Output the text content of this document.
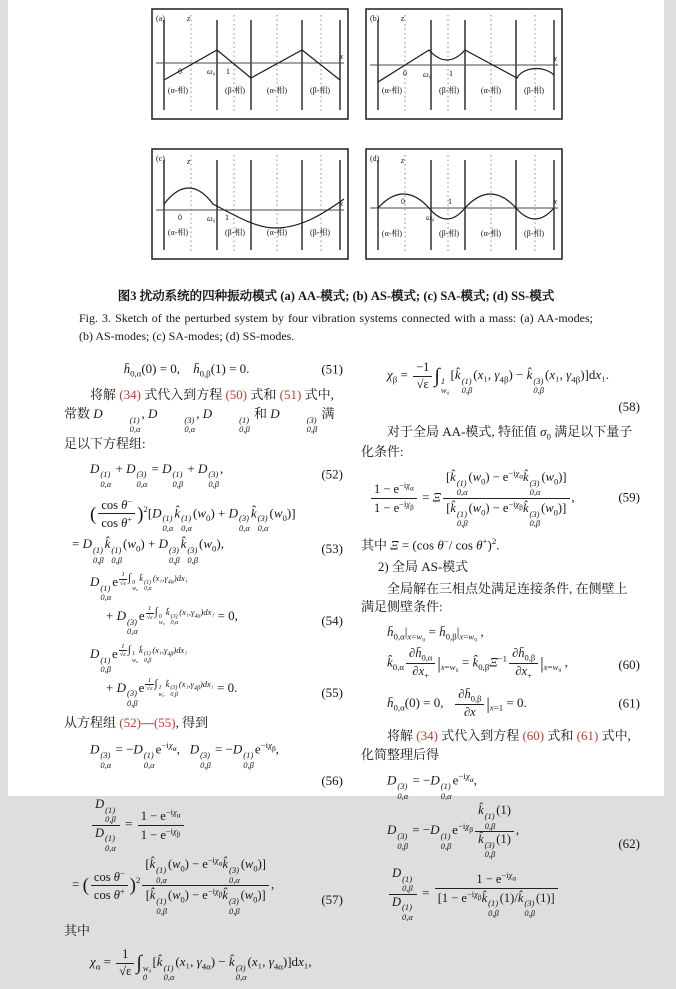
(a)	z
x
0	ω₀ 1
(α-相)	(β-相)	(α-相)	(β-相)
(b)	z
x
0 ω₀ 1
(α-相)	(β-相)	(α-相)	(β-相)
(c)	z
x
0	ω₀ 1
(α-相)	(β-相)	(α-相)	(β-相)
(d)	z
x
0
ω₀
1
(α-相)	(β-相)	(α-相)	(β-相)
图3 扰动系统的四种振动模式 (a) AA-模式; (b) AS-模式; (c) SA-模式; (d) SS-模式
Fig. 3. Sketch of the perturbed system by four vibration systems connected with a mass: (a) AA-modes; (b) AS-modes; (c) SA-modes; (d) SS-modes.
$h̄_{0,\alpha}(0) = 0$,    $h̄_{0,\beta}(1) = 0$.	(51)
将解 (34) 式代入到方程 (50) 式和 (51) 式中, 常数 D	(1)
0,α
, D	(3)
0,α
, D	(1)
0,β
和 D	(3)
0,β
满足以下方程组:
D (1)
0,α
+ D (3)
0,α
= D (1)
0,β
+ D (3)
0,β
,	(52)
( $\frac{\cos \theta^-}{\cos \theta^+} )^2[D$ (1)
0,α
k̂ (1)
0,α
$(w_0) + D$ (3)
0,α
k̂ (3)
0,α
$(w_0)$]
= D (1)
0,β
k̂ (1)
0,β
$(w_0) + D$ (3)
0,β
k̂ (3)
0,β
$(w_0)$,	(53)
D (1)
0,α
e $^{\frac{1}{√\varepsilon} \int 0 w_0 k̂ (1) 0,\alpha (x_1,\gamma_{4\alpha})dx_1}$
+ D (3)
0,α
e $^{\frac{1}{√\varepsilon} \int 0 w_0 k̂ (3) 0,\alpha (x_1,\gamma_{4\alpha})dx_1}$ = 0,	(54)
D (1)
0,β
e $^{\frac{1}{√\varepsilon} \int 1 w_0 k̂ (1) 0,\beta (x_1,\gamma_{4\beta})dx_1}$
+ D (3)
0,β
e $^{\frac{1}{√\varepsilon} \int 1 w_0 k̂ (3) 0,\beta (x_1,\gamma_{4\beta})dx_1}$ = 0.	(55)
从方程组 (52)—(55), 得到
D (3)
0,α
= −D (1)
0,α
$e^{-i\chi_\alpha}$,   D (3)
0,β
= −D (1)
0,β
$e^{-i\chi_\beta}$,
(56)
D (1)
0,β
D (1)
0,α =
$1 - e^{-i\chi_\alpha}$
$1 - e^{-i\chi_\beta}$
= ( $\frac{\cos \theta^-}{\cos \theta^+} )^2$
[k̂ (1)
0,α
$(w_0)$ − $e^{-i\chi_\alpha}k̂$ (3)
0,α
$(w_0)$]
[k̂ (1)
0,β
$(w_0)$ − $e^{-i\chi_\beta}k̂$ (3)
0,β
$(w_0)$]
,
(57)
其中
$\chi_\alpha = \frac{1}{√\varepsilon}$ ∫ w₀
0
[k̂ (1)
0,α
(x₁, $\gamma_{4\alpha}$) − k̂ (3)
0,α
(x₁, $\gamma_{4\alpha})]dx_1$,
$\chi_\beta = \frac{-1}{√\varepsilon}$ ∫ 1
w₀
[k̂ (1)
0,β
(x₁, $\gamma_{4\beta}$) − k̂ (3)
0,β
(x₁, $\gamma_{4\beta})]dx_1$.
(58)
对于全局 AA-模式, 特征值 $\sigma_0$ 满足以下量子化条件:
$1 - e^{-i\chi_\alpha}$
$1 - e^{-i\chi_\beta}$
= Ξ
[k̂ (1)
0,α
$(w_0)$ − $e^{-i\chi_\alpha}k̂$ (3)
0,α
$(w_0)$]
[k̂ (1)
0,β
$(w_0)$ − $e^{-i\chi_\beta}k̂$ (3)
0,β
$(w_0)$]
,	(59)
其中 Ξ = (cos θ−/ cos θ+)$^2$.
2) 全局 AS-模式
全局解在三相点处满足连接条件, 在侧壁上满足侧壁条件:
$h̄_{0,\alpha}|_{x=w_0}$ = $h̄_{0,\beta}|_{x=w_0}$ ,
$k̂_{0,\alpha} \frac{\partial h̄_{0,\alpha}}{\partial x_+} |_{x=w_0}$ = $k̂_{0,\beta}\Xi^{-1} \frac{\partial h̄_{0,\beta}}{\partial x_+} |_{x=w_0}$ ,	(60)
$h̄_{0,\alpha}(0) = 0$, $\frac{\partial h̄_{0,\beta}}{\partial x} |_{x=1} = 0$.	(61)
将解 (34) 式代入到方程 (60) 式和 (61) 式中, 化简整理后得
D (3)
0,α
= −D (1)
0,α
$e^{-i\chi_\alpha}$,
D (3)
0,β
= −D (1)
0,β
$e^{-i\chi_\beta}$ k̂ (1)
0,β
(1)
k̂ (3)
0,β
(1) ,
(62)
D (1)
0,β
D (1)
0,α =
$1 - e^{-i\chi_\alpha}$
[$1 - e^{-i\chi_\beta}k̂$ (1)
0,β
(1)/k̂ (3)
0,β
(1)]
